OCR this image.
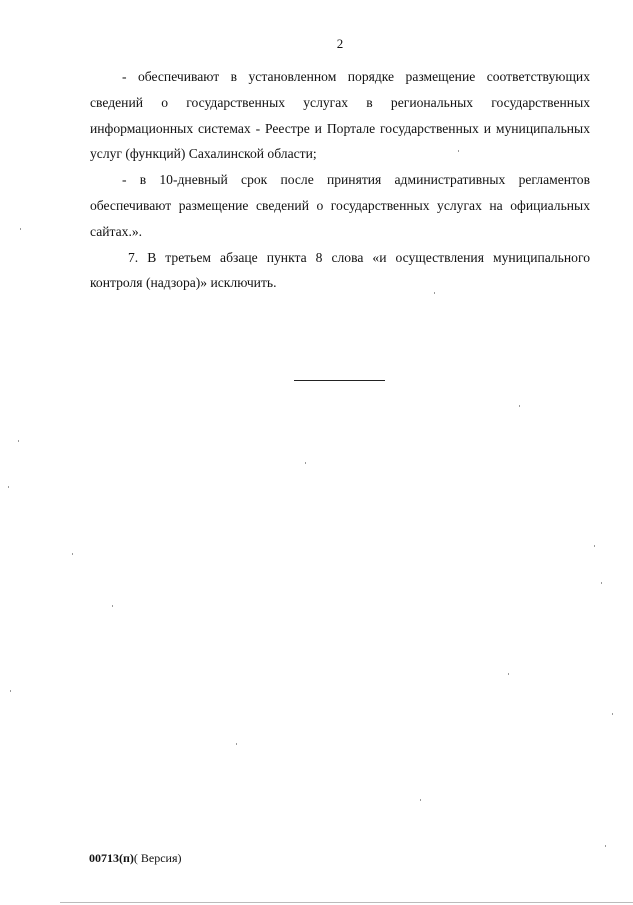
2

- обеспечивают в установленном порядке размещение соответствующих сведений о государственных услугах в региональных государственных информационных системах - Реестре и Портале государственных и муниципальных услуг (функций) Сахалинской области;

- в 10-дневный срок после принятия административных регламентов обеспечивают размещение сведений о государственных услугах на официальных сайтах.».

7. В третьем абзаце пункта 8 слова «и осуществления муниципального контроля (надзора)» исключить.

00713(п)( Версия)
